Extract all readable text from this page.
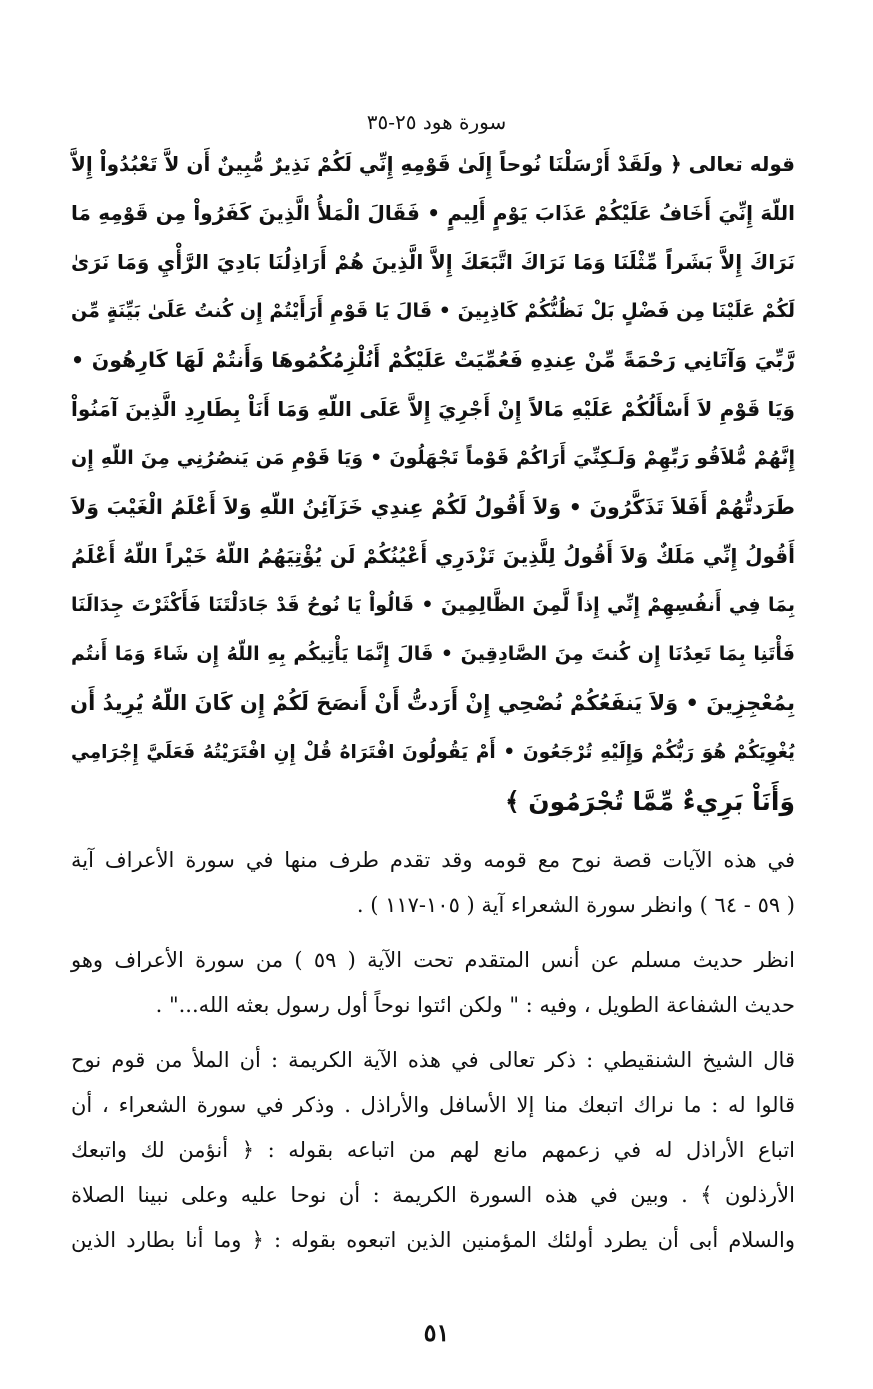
سورة هود ٢٥-٣٥
قوله تعالى ﴿ ولَقَدْ أَرْسَلْنَا نُوحاً إِلَىٰ قَوْمِهِ إِنِّي لَكُمْ نَذِيرٌ مُّبِينٌ أَن لاَّ تَعْبُدُواْ إِلاَّ
اللّهَ إِنِّيَ أَخَافُ عَلَيْكُمْ عَذَابَ يَوْمٍ أَلِيمٍ • فَقَالَ الْمَلأُ الَّذِينَ كَفَرُواْ مِن قَوْمِهِ مَا
نَرَاكَ إِلاَّ بَشَراً مِّثْلَنَا وَمَا نَرَاكَ اتَّبَعَكَ إِلاَّ الَّذِينَ هُمْ أَرَاذِلُنَا بَادِيَ الرَّأْيِ وَمَا نَرَىٰ
لَكُمْ عَلَيْنَا مِن فَضْلٍ بَلْ نَظُنُّكُمْ كَاذِبِينَ • قَالَ يَا قَوْمِ أَرَأَيْتُمْ إِن كُنتُ عَلَىٰ بَيِّنَةٍ مِّن
رَّبِّيَ وَآتَانِي رَحْمَةً مِّنْ عِندِهِ فَعُمِّيَتْ عَلَيْكُمْ أَنُلْزِمُكُمُوهَا وَأَنتُمْ لَهَا كَارِهُونَ •
وَيَا قَوْمِ لاَ أَسْأَلُكُمْ عَلَيْهِ مَالاً إِنْ أَجْرِيَ إِلاَّ عَلَى اللّهِ وَمَا أَنَاْ بِطَارِدِ الَّذِينَ آمَنُواْ
إِنَّهُمْ مُّلاَقُو رَبِّهِمْ وَلَـكِنِّيَ أَرَاكُمْ قَوْماً تَجْهَلُونَ • وَيَا قَوْمِ مَن يَنصُرُنِي مِنَ اللّهِ إِن
طَرَدتُّهُمْ أَفَلاَ تَذَكَّرُونَ • وَلاَ أَقُولُ لَكُمْ عِندِي خَزَآئِنُ اللّهِ وَلاَ أَعْلَمُ الْغَيْبَ وَلاَ
أَقُولُ إِنِّي مَلَكٌ وَلاَ أَقُولُ لِلَّذِينَ تَزْدَرِي أَعْيُنُكُمْ لَن يُؤْتِيَهُمُ اللّهُ خَيْراً اللّهُ أَعْلَمُ
بِمَا فِي أَنفُسِهِمْ إِنِّي إِذاً لَّمِنَ الظَّالِمِينَ • قَالُواْ يَا نُوحُ قَدْ جَادَلْتَنَا فَأَكْثَرْتَ جِدَالَنَا
فَأْتَنِا بِمَا تَعِدُنَا إِن كُنتَ مِنَ الصَّادِقِينَ • قَالَ إِنَّمَا يَأْتِيكُم بِهِ اللّهُ إِن شَاءَ وَمَا أَنتُم
بِمُعْجِزِينَ • وَلاَ يَنفَعُكُمْ نُصْحِي إِنْ أَرَدتُّ أَنْ أَنصَحَ لَكُمْ إِن كَانَ اللّهُ يُرِيدُ أَن
يُغْوِيَكُمْ هُوَ رَبُّكُمْ وَإِلَيْهِ تُرْجَعُونَ • أَمْ يَقُولُونَ افْتَرَاهُ قُلْ إِنِ افْتَرَيْتُهُ فَعَلَيَّ إِجْرَامِي
وَأَنَاْ بَرِيءٌ مِّمَّا تُجْرَمُونَ ﴾
في هذه الآيات قصة نوح مع قومه وقد تقدم طرف منها في سورة الأعراف آية
( ٥٩ - ٦٤ ) وانظر سورة الشعراء آية ( ١٠٥-١١٧ ) .
انظر حديث مسلم عن أنس المتقدم تحت الآية ( ٥٩ ) من سورة الأعراف وهو
حديث الشفاعة الطويل ، وفيه : " ولكن ائتوا نوحاً أول رسول بعثه الله..." .
قال الشيخ الشنقيطي : ذكر تعالى في هذه الآية الكريمة : أن الملأ من قوم نوح
قالوا له : ما نراك اتبعك منا إلا الأسافل والأراذل . وذكر في سورة الشعراء ، أن
اتباع الأراذل له في زعمهم مانع لهم من اتباعه بقوله : ﴿ أنؤمن لك واتبعك
الأرذلون ﴾ . وبين في هذه السورة الكريمة : أن نوحا عليه وعلى نبينا الصلاة
والسلام أبى أن يطرد أولئك المؤمنين الذين اتبعوه بقوله : ﴿ وما أنا بطارد الذين
٥١
